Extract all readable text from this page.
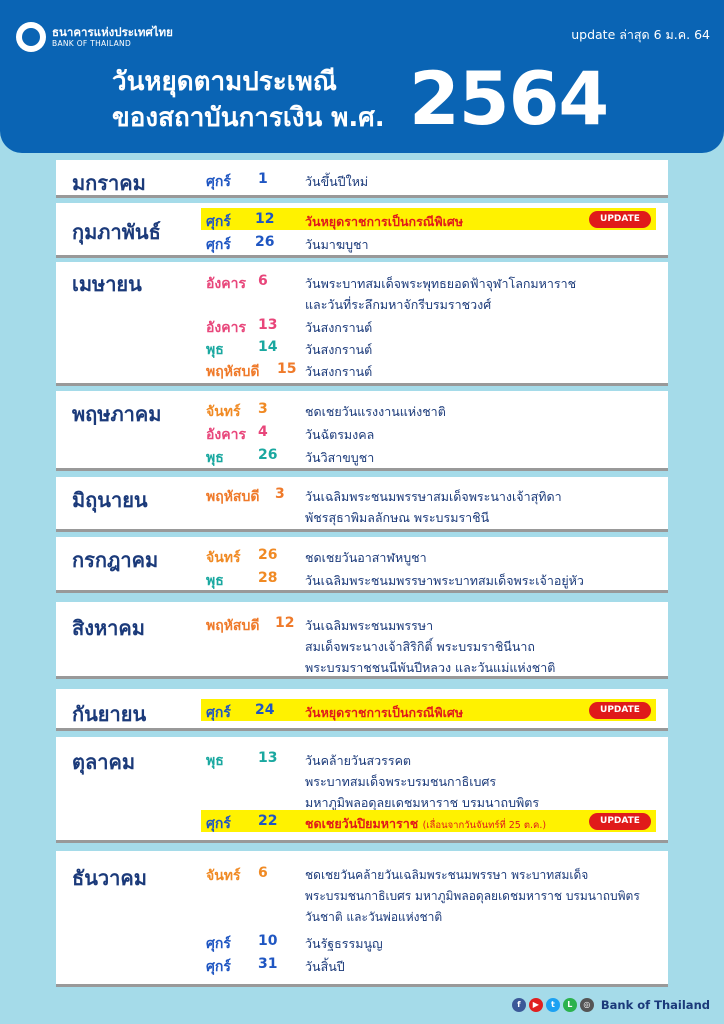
ธนาคารแห่งประเทศไทย
BANK OF THAILAND
update ล่าสุด 6 ม.ค. 64
วันหยุดตามประเพณี
ของสถาบันการเงิน พ.ศ. 2564
มกราคม	ศุกร์ 1	วันขึ้นปีใหม่
กุมภาพันธ์	ศุกร์ 12 วันหยุดราชการเป็นกรณีพิเศษ	UPDATE
ศุกร์ 26 วันมาฆบูชา
เมษายน	อังคาร 6	วันพระบาทสมเด็จพระพุทธยอดฟ้าจุฬาโลกมหาราช
และวันที่ระลึกมหาจักรีบรมราชวงศ์
อังคาร 13 วันสงกรานต์
พุธ 14 วันสงกรานต์
พฤหัสบดี 15 วันสงกรานต์
พฤษภาคม	จันทร์ 3	ชดเชยวันแรงงานแห่งชาติ
อังคาร 4	วันฉัตรมงคล
พุธ 26 วันวิสาขบูชา
มิถุนายน	พฤหัสบดี 3 วันเฉลิมพระชนมพรรษาสมเด็จพระนางเจ้าสุทิดา
พัชรสุธาพิมลลักษณ พระบรมราชินี
กรกฎาคม	จันทร์ 26 ชดเชยวันอาสาฬหบูชา
พุธ 28 วันเฉลิมพระชนมพรรษาพระบาทสมเด็จพระเจ้าอยู่หัว
สิงหาคม	พฤหัสบดี 12 วันเฉลิมพระชนมพรรษา
สมเด็จพระนางเจ้าสิริกิติ์ พระบรมราชินีนาถ
พระบรมราชชนนีพันปีหลวง และวันแม่แห่งชาติ
กันยายน	ศุกร์ 24 วันหยุดราชการเป็นกรณีพิเศษ	UPDATE
ตุลาคม	พุธ 13 วันคล้ายวันสวรรคต
พระบาทสมเด็จพระบรมชนกาธิเบศร
มหาภูมิพลอดุลยเดชมหาราช บรมนาถบพิตร
ศุกร์ 22 ชดเชยวันปิยมหาราช (เลื่อนจากวันจันทร์ที่ 25 ต.ค.)	UPDATE
ธันวาคม	จันทร์ 6	ชดเชยวันคล้ายวันเฉลิมพระชนมพรรษา พระบาทสมเด็จ
พระบรมชนกาธิเบศร มหาภูมิพลอดุลยเดชมหาราช บรมนาถบพิตร
วันชาติ และวันพ่อแห่งชาติ
ศุกร์ 10 วันรัฐธรรมนูญ
ศุกร์ 31 วันสิ้นปี
f	▶	t	L	◎ Bank of Thailand
